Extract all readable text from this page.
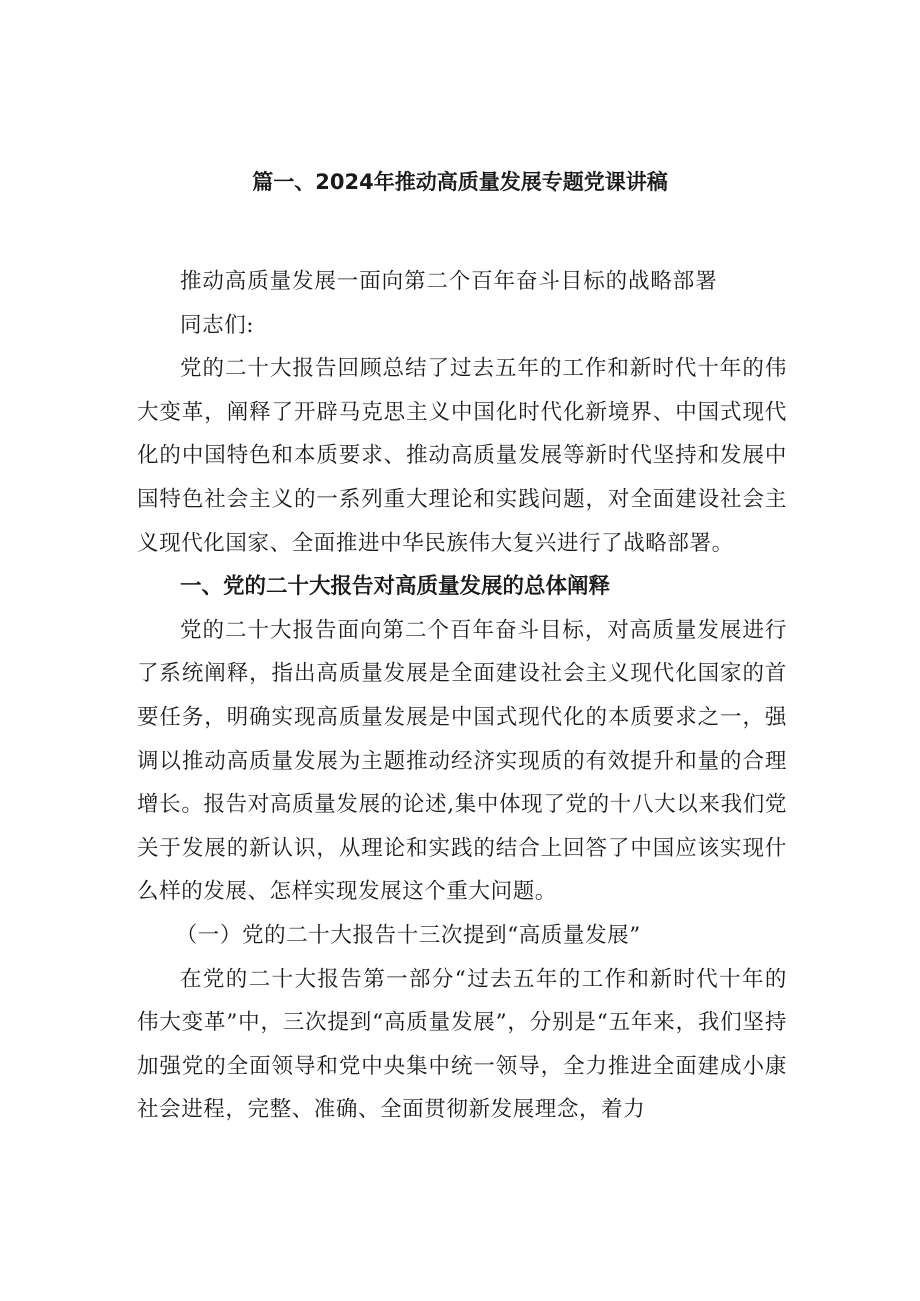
篇一、2024年推动高质量发展专题党课讲稿

推动高质量发展一面向第二个百年奋斗目标的战略部署

同志们:

党的二十大报告回顾总结了过去五年的工作和新时代十年的伟大变革，阐释了开辟马克思主义中国化时代化新境界、中国式现代化的中国特色和本质要求、推动高质量发展等新时代坚持和发展中国特色社会主义的一系列重大理论和实践问题，对全面建设社会主义现代化国家、全面推进中华民族伟大复兴进行了战略部署。

一、党的二十大报告对高质量发展的总体阐释

党的二十大报告面向第二个百年奋斗目标，对高质量发展进行了系统阐释，指出高质量发展是全面建设社会主义现代化国家的首要任务，明确实现高质量发展是中国式现代化的本质要求之一，强调以推动高质量发展为主题推动经济实现质的有效提升和量的合理增长。报告对高质量发展的论述,集中体现了党的十八大以来我们党关于发展的新认识，从理论和实践的结合上回答了中国应该实现什么样的发展、怎样实现发展这个重大问题。

（一）党的二十大报告十三次提到“高质量发展”

在党的二十大报告第一部分“过去五年的工作和新时代十年的伟大变革”中，三次提到“高质量发展”，分别是“五年来，我们坚持加强党的全面领导和党中央集中统一领导，全力推进全面建成小康社会进程，完整、准确、全面贯彻新发展理念，着力
